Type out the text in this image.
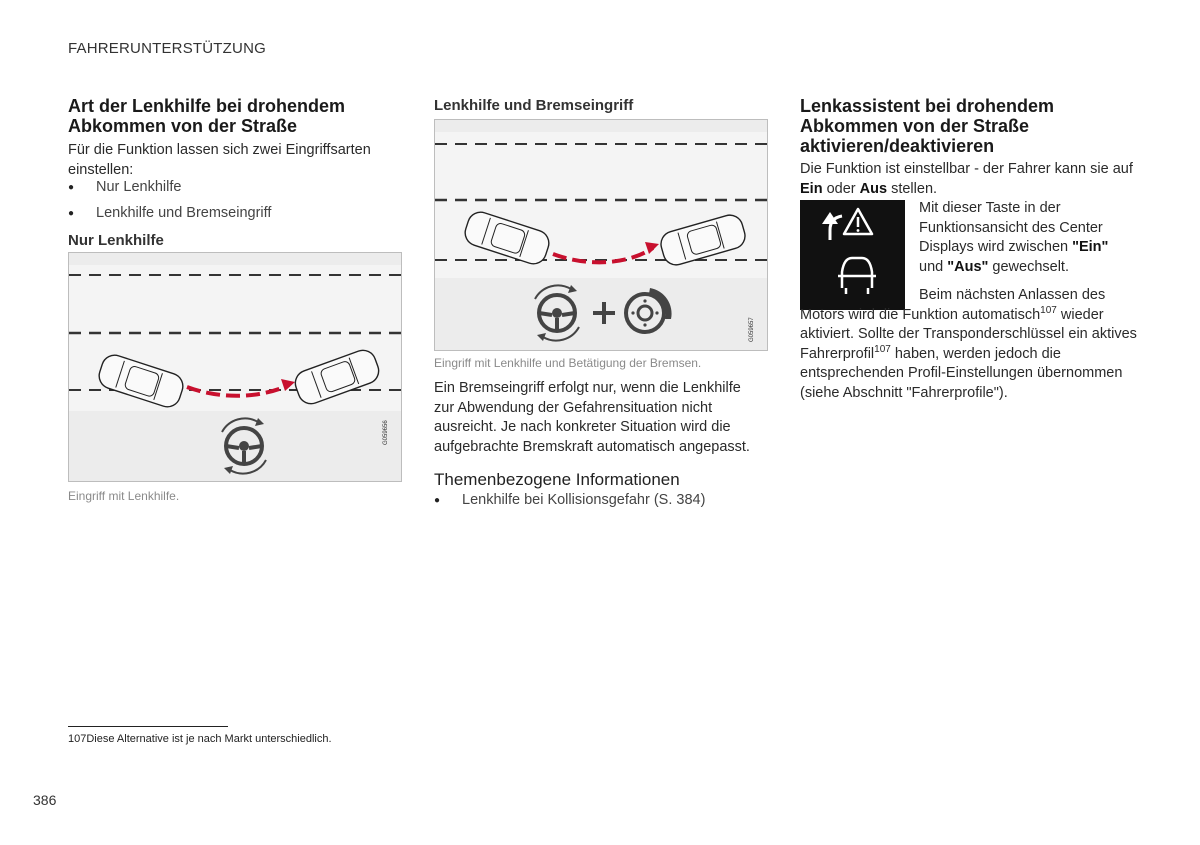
FAHRERUNTERSTÜTZUNG
Art der Lenkhilfe bei drohendem Abkommen von der Straße

Für die Funktion lassen sich zwei Eingriffsarten einstellen:

● Nur Lenkhilfe
● Lenkhilfe und Bremseingriff
Nur Lenkhilfe
G059656
Eingriff mit Lenkhilfe.
Lenkhilfe und Bremseingriff
G059657
Eingriff mit Lenkhilfe und Betätigung der Bremsen.

Ein Bremseingriff erfolgt nur, wenn die Lenkhilfe zur Abwendung der Gefahrensituation nicht ausreicht. Je nach konkreter Situation wird die aufgebrachte Bremskraft automatisch angepasst.

Themenbezogene Informationen
● Lenkhilfe bei Kollisionsgefahr (S. 384)
Lenkassistent bei drohendem Abkommen von der Straße aktivieren/deaktivieren

Die Funktion ist einstellbar - der Fahrer kann sie auf Ein oder Aus stellen.

Mit dieser Taste in der Funktionsansicht des Center Displays wird zwischen "Ein" und "Aus" gewechselt.

Beim nächsten Anlassen des Motors wird die Funktion automatisch$^{107}$ wieder aktiviert. Sollte der Transponderschlüssel ein aktives Fahrerprofil$^{107}$ haben, werden jedoch die entsprechenden Profil-Einstellungen übernommen (siehe Abschnitt "Fahrerprofile").

107Diese Alternative ist je nach Markt unterschiedlich.
386
